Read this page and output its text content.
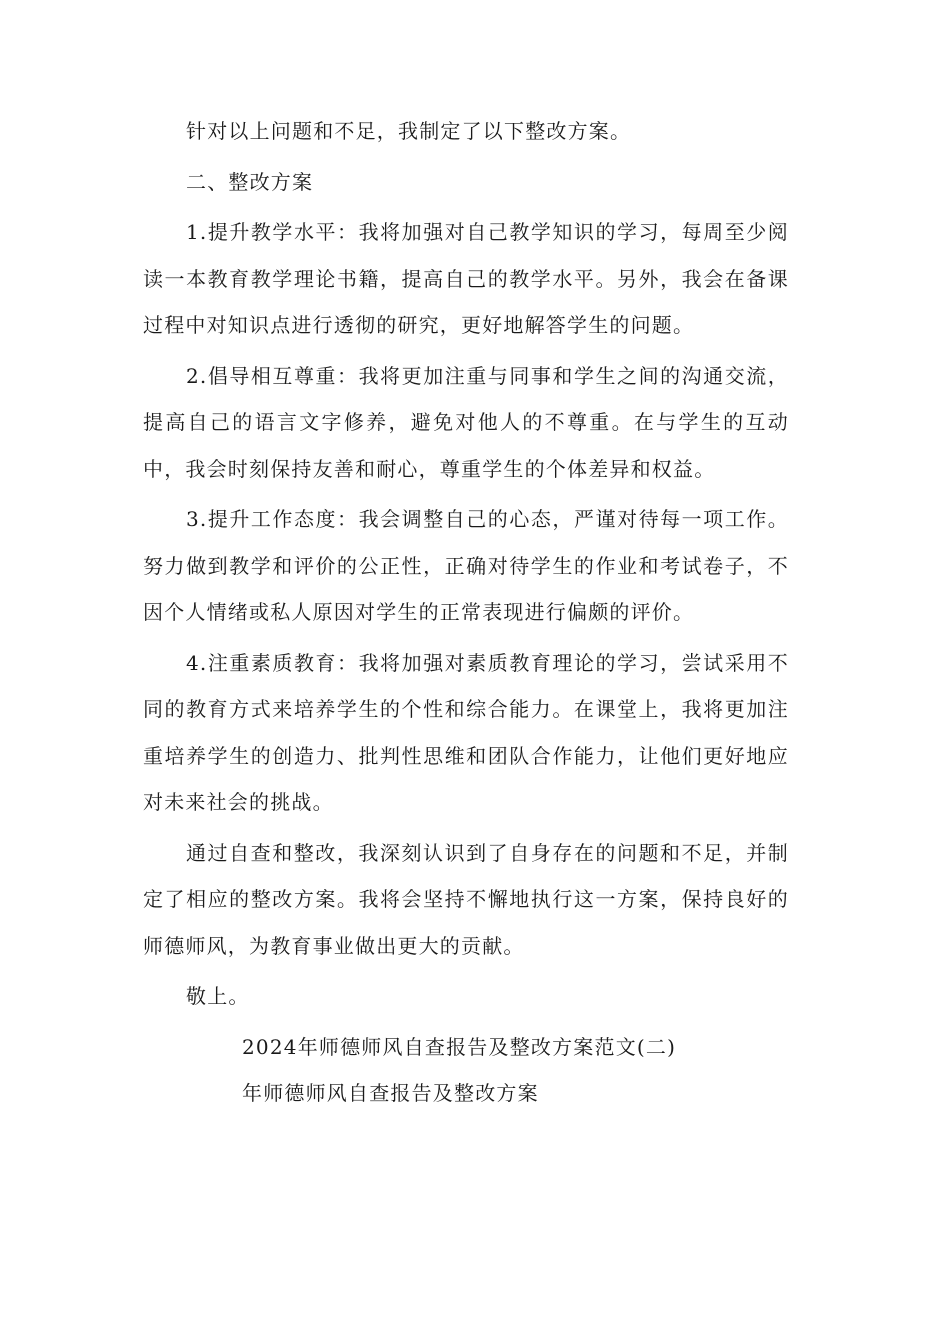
针对以上问题和不足，我制定了以下整改方案。

二、整改方案

1.提升教学水平：我将加强对自己教学知识的学习，每周至少阅读一本教育教学理论书籍，提高自己的教学水平。另外，我会在备课过程中对知识点进行透彻的研究，更好地解答学生的问题。

2.倡导相互尊重：我将更加注重与同事和学生之间的沟通交流，提高自己的语言文字修养，避免对他人的不尊重。在与学生的互动中，我会时刻保持友善和耐心，尊重学生的个体差异和权益。

3.提升工作态度：我会调整自己的心态，严谨对待每一项工作。努力做到教学和评价的公正性，正确对待学生的作业和考试卷子，不因个人情绪或私人原因对学生的正常表现进行偏颇的评价。

4.注重素质教育：我将加强对素质教育理论的学习，尝试采用不同的教育方式来培养学生的个性和综合能力。在课堂上，我将更加注重培养学生的创造力、批判性思维和团队合作能力，让他们更好地应对未来社会的挑战。

通过自查和整改，我深刻认识到了自身存在的问题和不足，并制定了相应的整改方案。我将会坚持不懈地执行这一方案，保持良好的师德师风，为教育事业做出更大的贡献。

敬上。

2024年师德师风自查报告及整改方案范文(二)

年师德师风自查报告及整改方案
